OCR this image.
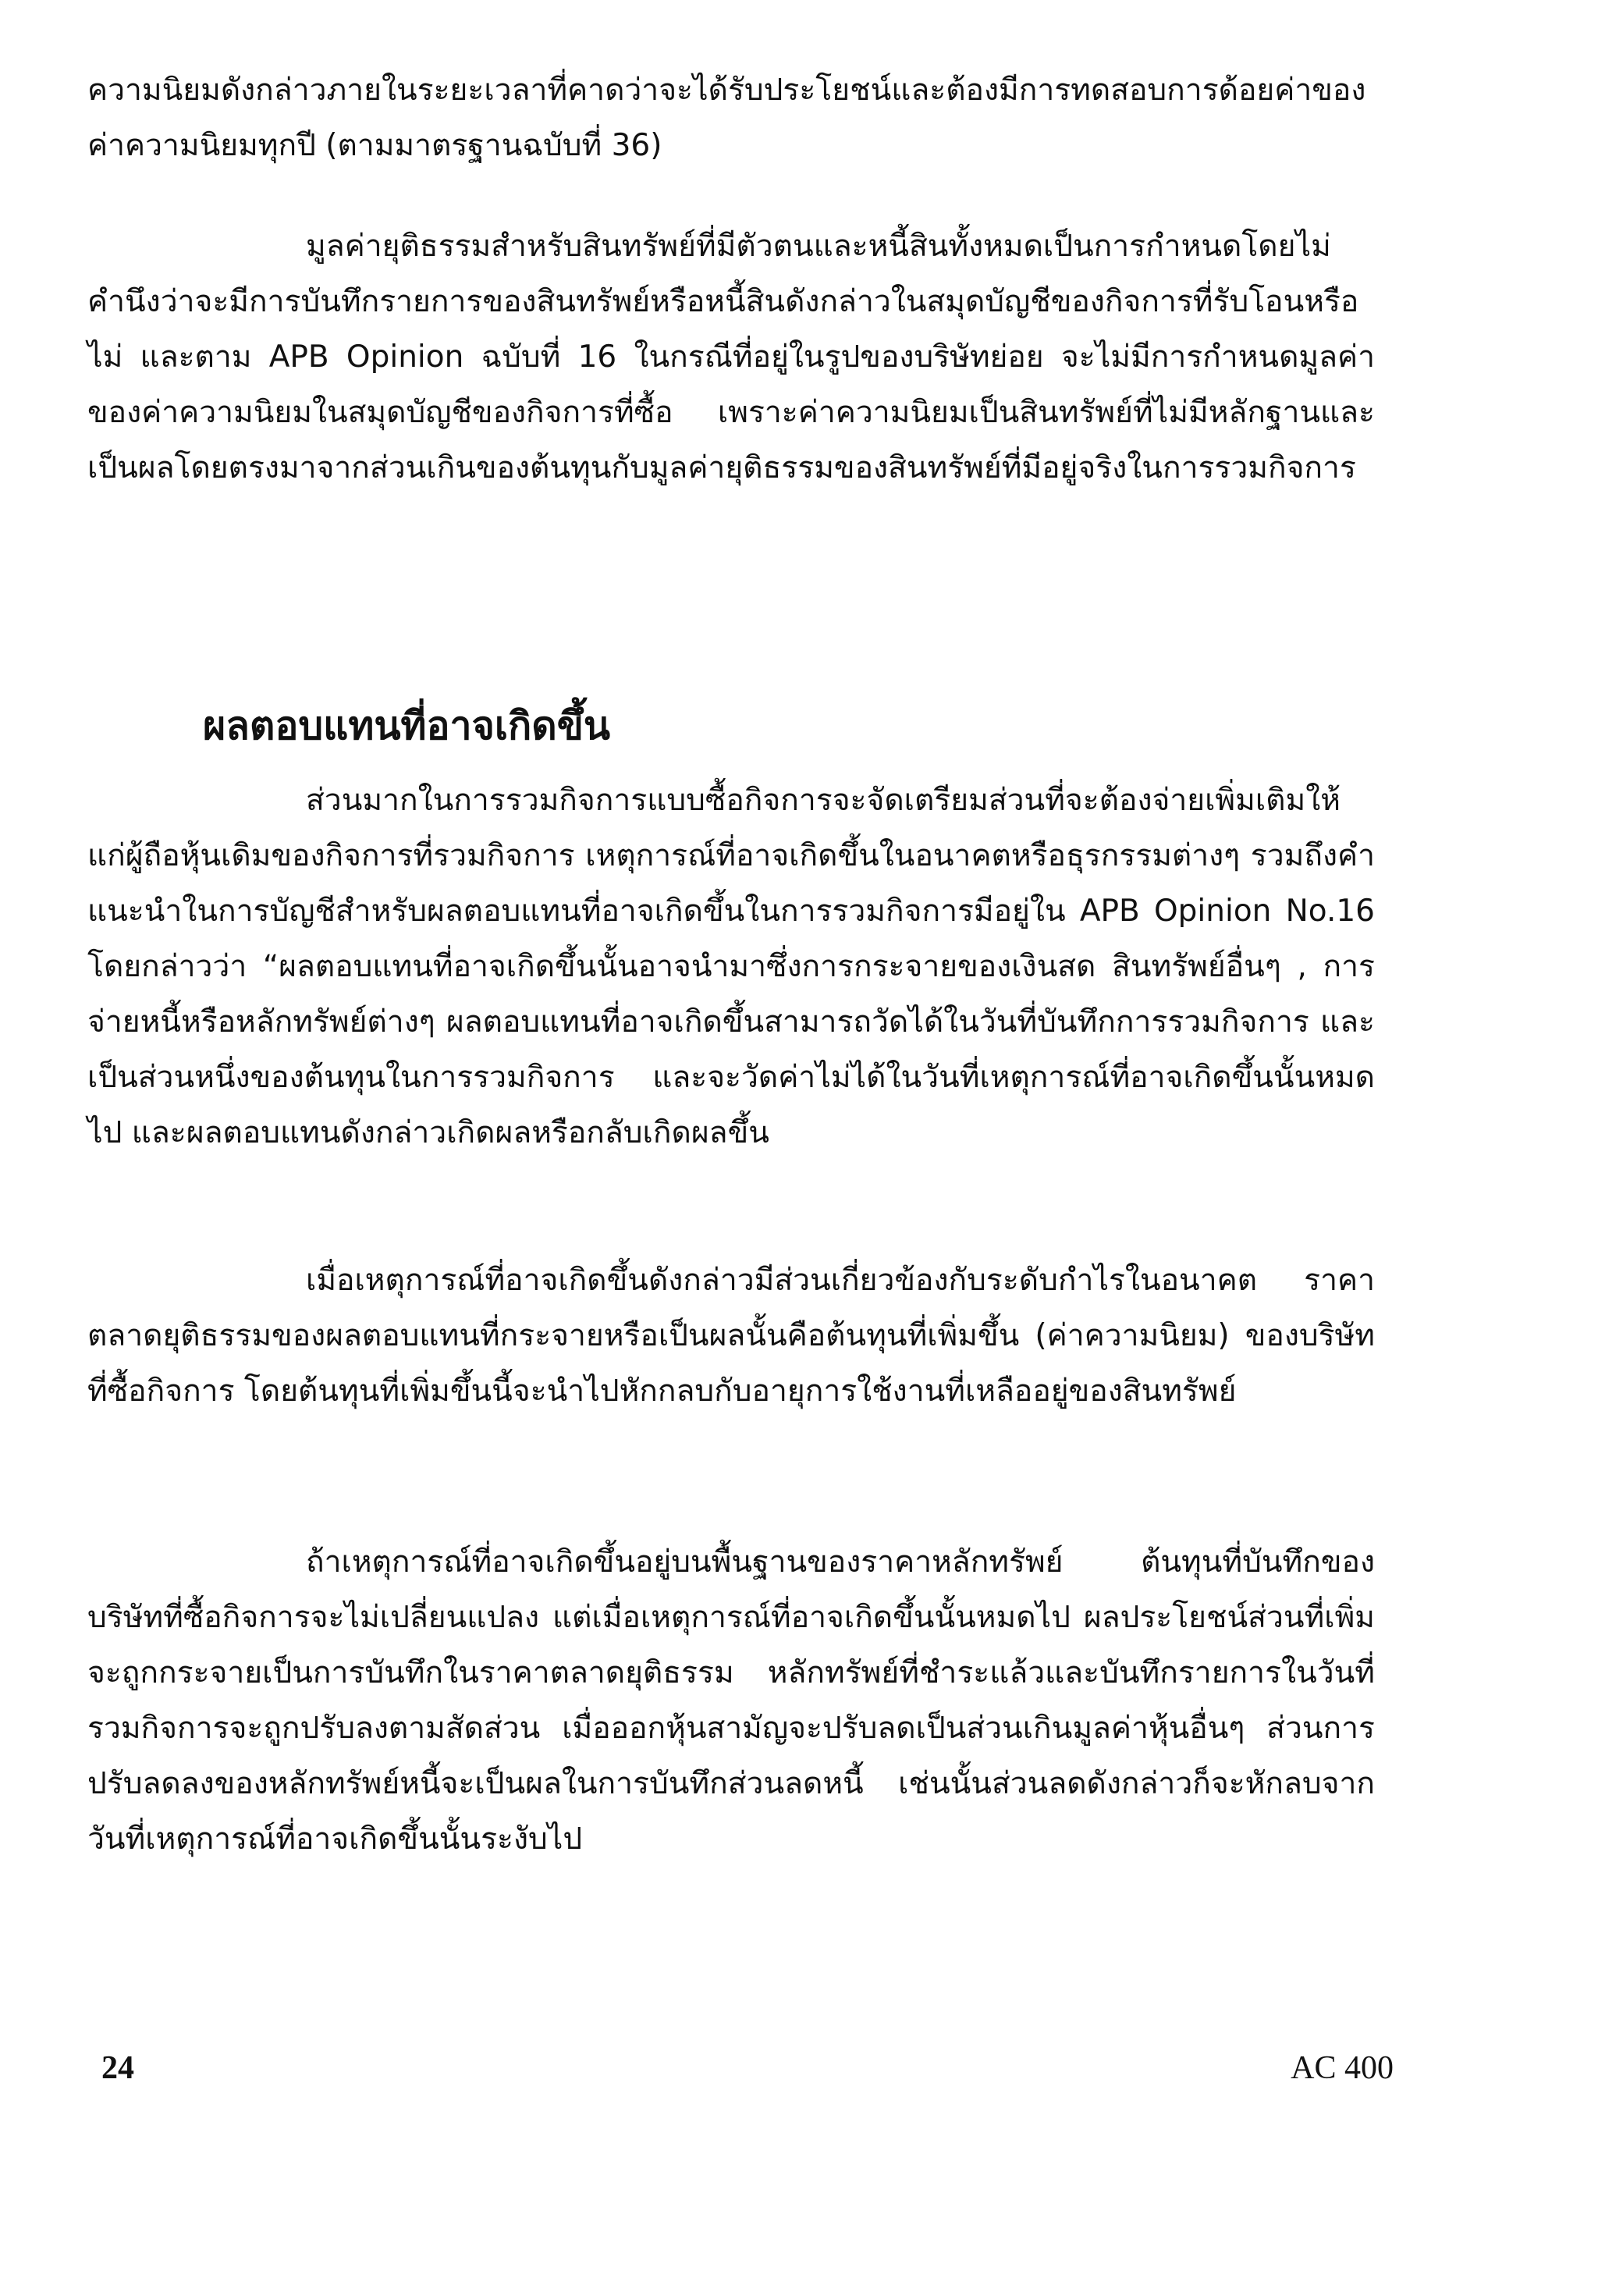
ความนิยมดังกล่าวภายในระยะเวลาที่คาดว่าจะได้รับประโยชน์และต้องมีการทดสอบการด้อยค่าของค่าความนิยมทุกปี (ตามมาตรฐานฉบับที่ 36)

มูลค่ายุติธรรมสำหรับสินทรัพย์ที่มีตัวตนและหนี้สินทั้งหมดเป็นการกำหนดโดยไม่คำนึงว่าจะมีการบันทึกรายการของสินทรัพย์หรือหนี้สินดังกล่าวในสมุดบัญชีของกิจการที่รับโอนหรือไม่ และตาม APB Opinion ฉบับที่ 16 ในกรณีที่อยู่ในรูปของบริษัทย่อย จะไม่มีการกำหนดมูลค่าของค่าความนิยมในสมุดบัญชีของกิจการที่ซื้อ เพราะค่าความนิยมเป็นสินทรัพย์ที่ไม่มีหลักฐานและเป็นผลโดยตรงมาจากส่วนเกินของต้นทุนกับมูลค่ายุติธรรมของสินทรัพย์ที่มีอยู่จริงในการรวมกิจการ

ผลตอบแทนที่อาจเกิดขึ้น

ส่วนมากในการรวมกิจการแบบซื้อกิจการจะจัดเตรียมส่วนที่จะต้องจ่ายเพิ่มเติมให้แก่ผู้ถือหุ้นเดิมของกิจการที่รวมกิจการ เหตุการณ์ที่อาจเกิดขึ้นในอนาคตหรือธุรกรรมต่างๆ รวมถึงคำแนะนำในการบัญชีสำหรับผลตอบแทนที่อาจเกิดขึ้นในการรวมกิจการมีอยู่ใน APB Opinion No.16 โดยกล่าวว่า “ผลตอบแทนที่อาจเกิดขึ้นนั้นอาจนำมาซึ่งการกระจายของเงินสด สินทรัพย์อื่นๆ , การจ่ายหนี้หรือหลักทรัพย์ต่างๆ ผลตอบแทนที่อาจเกิดขึ้นสามารถวัดได้ในวันที่บันทึกการรวมกิจการ และเป็นส่วนหนึ่งของต้นทุนในการรวมกิจการ และจะวัดค่าไม่ได้ในวันที่เหตุการณ์ที่อาจเกิดขึ้นนั้นหมดไป และผลตอบแทนดังกล่าวเกิดผลหรือกลับเกิดผลขึ้น

เมื่อเหตุการณ์ที่อาจเกิดขึ้นดังกล่าวมีส่วนเกี่ยวข้องกับระดับกำไรในอนาคต ราคาตลาดยุติธรรมของผลตอบแทนที่กระจายหรือเป็นผลนั้นคือต้นทุนที่เพิ่มขึ้น (ค่าความนิยม) ของบริษัทที่ซื้อกิจการ โดยต้นทุนที่เพิ่มขึ้นนี้จะนำไปหักกลบกับอายุการใช้งานที่เหลืออยู่ของสินทรัพย์

ถ้าเหตุการณ์ที่อาจเกิดขึ้นอยู่บนพื้นฐานของราคาหลักทรัพย์ ต้นทุนที่บันทึกของบริษัทที่ซื้อกิจการจะไม่เปลี่ยนแปลง แต่เมื่อเหตุการณ์ที่อาจเกิดขึ้นนั้นหมดไป ผลประโยชน์ส่วนที่เพิ่มจะถูกกระจายเป็นการบันทึกในราคาตลาดยุติธรรม หลักทรัพย์ที่ชำระแล้วและบันทึกรายการในวันที่รวมกิจการจะถูกปรับลงตามสัดส่วน เมื่อออกหุ้นสามัญจะปรับลดเป็นส่วนเกินมูลค่าหุ้นอื่นๆ ส่วนการปรับลดลงของหลักทรัพย์หนี้จะเป็นผลในการบันทึกส่วนลดหนี้ เช่นนั้นส่วนลดดังกล่าวก็จะหักลบจากวันที่เหตุการณ์ที่อาจเกิดขึ้นนั้นระงับไป

24	AC 400
